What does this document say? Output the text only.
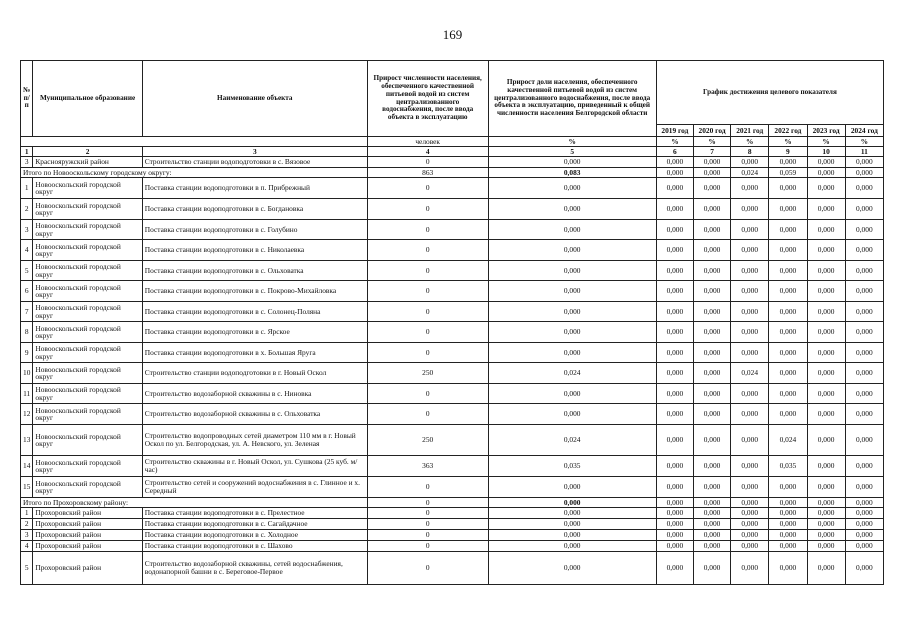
169
№
п/п	Муниципальное образование	Наименование объекта	Прирост численности населения, обеспеченного качественной питьевой водой из систем централизованного водоснабжения, после ввода объекта в эксплуатацию	Прирост доли населения, обеспеченного качественной питьевой водой из систем централизованного водоснабжения, после ввода объекта в эксплуатацию, приведенный к общей численности населения Белгородской области	График достижения целевого показателя					
					2019 год	2020 год	2021 год	2022 год	2023 год	2024 год
			человек	%	%	%	%	%	%	%
1	2	3	4	5	6	7	8	9	10	11
3	Краснояружский район	Строительство станции водоподготовки в с. Вязовое	0	0,000	0,000	0,000	0,000	0,000	0,000	0,000
Итого по Новооскольскому городскому округу:			863	0,083	0,000	0,000	0,024	0,059	0,000	0,000
1	Новооскольский городской округ	Поставка станции водоподготовки в п. Прибрежный	0	0,000	0,000	0,000	0,000	0,000	0,000	0,000
2	Новооскольский городской округ	Поставка станции водоподготовки в с. Богдановка	0	0,000	0,000	0,000	0,000	0,000	0,000	0,000
3	Новооскольский городской округ	Поставка станции водоподготовки в с. Голубино	0	0,000	0,000	0,000	0,000	0,000	0,000	0,000
4	Новооскольский городской округ	Поставка станции водоподготовки в с. Николаевка	0	0,000	0,000	0,000	0,000	0,000	0,000	0,000
5	Новооскольский городской округ	Поставка станции водоподготовки в с. Ольховатка	0	0,000	0,000	0,000	0,000	0,000	0,000	0,000
6	Новооскольский городской округ	Поставка станции водоподготовки в с. Покрово-Михайловка	0	0,000	0,000	0,000	0,000	0,000	0,000	0,000
7	Новооскольский городской округ	Поставка станции водоподготовки в с. Солонец-Поляна	0	0,000	0,000	0,000	0,000	0,000	0,000	0,000
8	Новооскольский городской округ	Поставка станции водоподготовки в с. Ярское	0	0,000	0,000	0,000	0,000	0,000	0,000	0,000
9	Новооскольский городской округ	Поставка станции водоподготовки в х. Большая Яруга	0	0,000	0,000	0,000	0,000	0,000	0,000	0,000
10	Новооскольский городской округ	Строительство станции водоподготовки в г. Новый Оскол	250	0,024	0,000	0,000	0,024	0,000	0,000	0,000
11	Новооскольский городской округ	Строительство водозаборной скважины в с. Ниновка	0	0,000	0,000	0,000	0,000	0,000	0,000	0,000
12	Новооскольский городской округ	Строительство водозаборной скважины в с. Ольховатка	0	0,000	0,000	0,000	0,000	0,000	0,000	0,000
13	Новооскольский городской округ	Строительство водопроводных сетей диаметром 110 мм в г. Новый Оскол по ул. Белгородская, ул. А. Невского, ул. Зеленая	250	0,024	0,000	0,000	0,000	0,024	0,000	0,000
14	Новооскольский городской округ	Строительство скважины в г. Новый Оскол, ул. Сушкова (25 куб. м/час)	363	0,035	0,000	0,000	0,000	0,035	0,000	0,000
15	Новооскольский городской округ	Строительство сетей и сооружений водоснабжения в с. Глинное и х. Середный	0	0,000	0,000	0,000	0,000	0,000	0,000	0,000
Итого по Прохоровскому району:			0	0,000	0,000	0,000	0,000	0,000	0,000	0,000
1	Прохоровский район	Поставка станции водоподготовки в с. Прелестное	0	0,000	0,000	0,000	0,000	0,000	0,000	0,000
2	Прохоровский район	Поставка станции водоподготовки в с. Сагайдачное	0	0,000	0,000	0,000	0,000	0,000	0,000	0,000
3	Прохоровский район	Поставка станции водоподготовки в с. Холодное	0	0,000	0,000	0,000	0,000	0,000	0,000	0,000
4	Прохоровский район	Поставка станции водоподготовки в с. Шахово	0	0,000	0,000	0,000	0,000	0,000	0,000	0,000
5	Прохоровский район	Строительство водозаборной скважины, сетей водоснабжения, водонапорной башни в с. Береговое-Первое	0	0,000	0,000	0,000	0,000	0,000	0,000	0,000
